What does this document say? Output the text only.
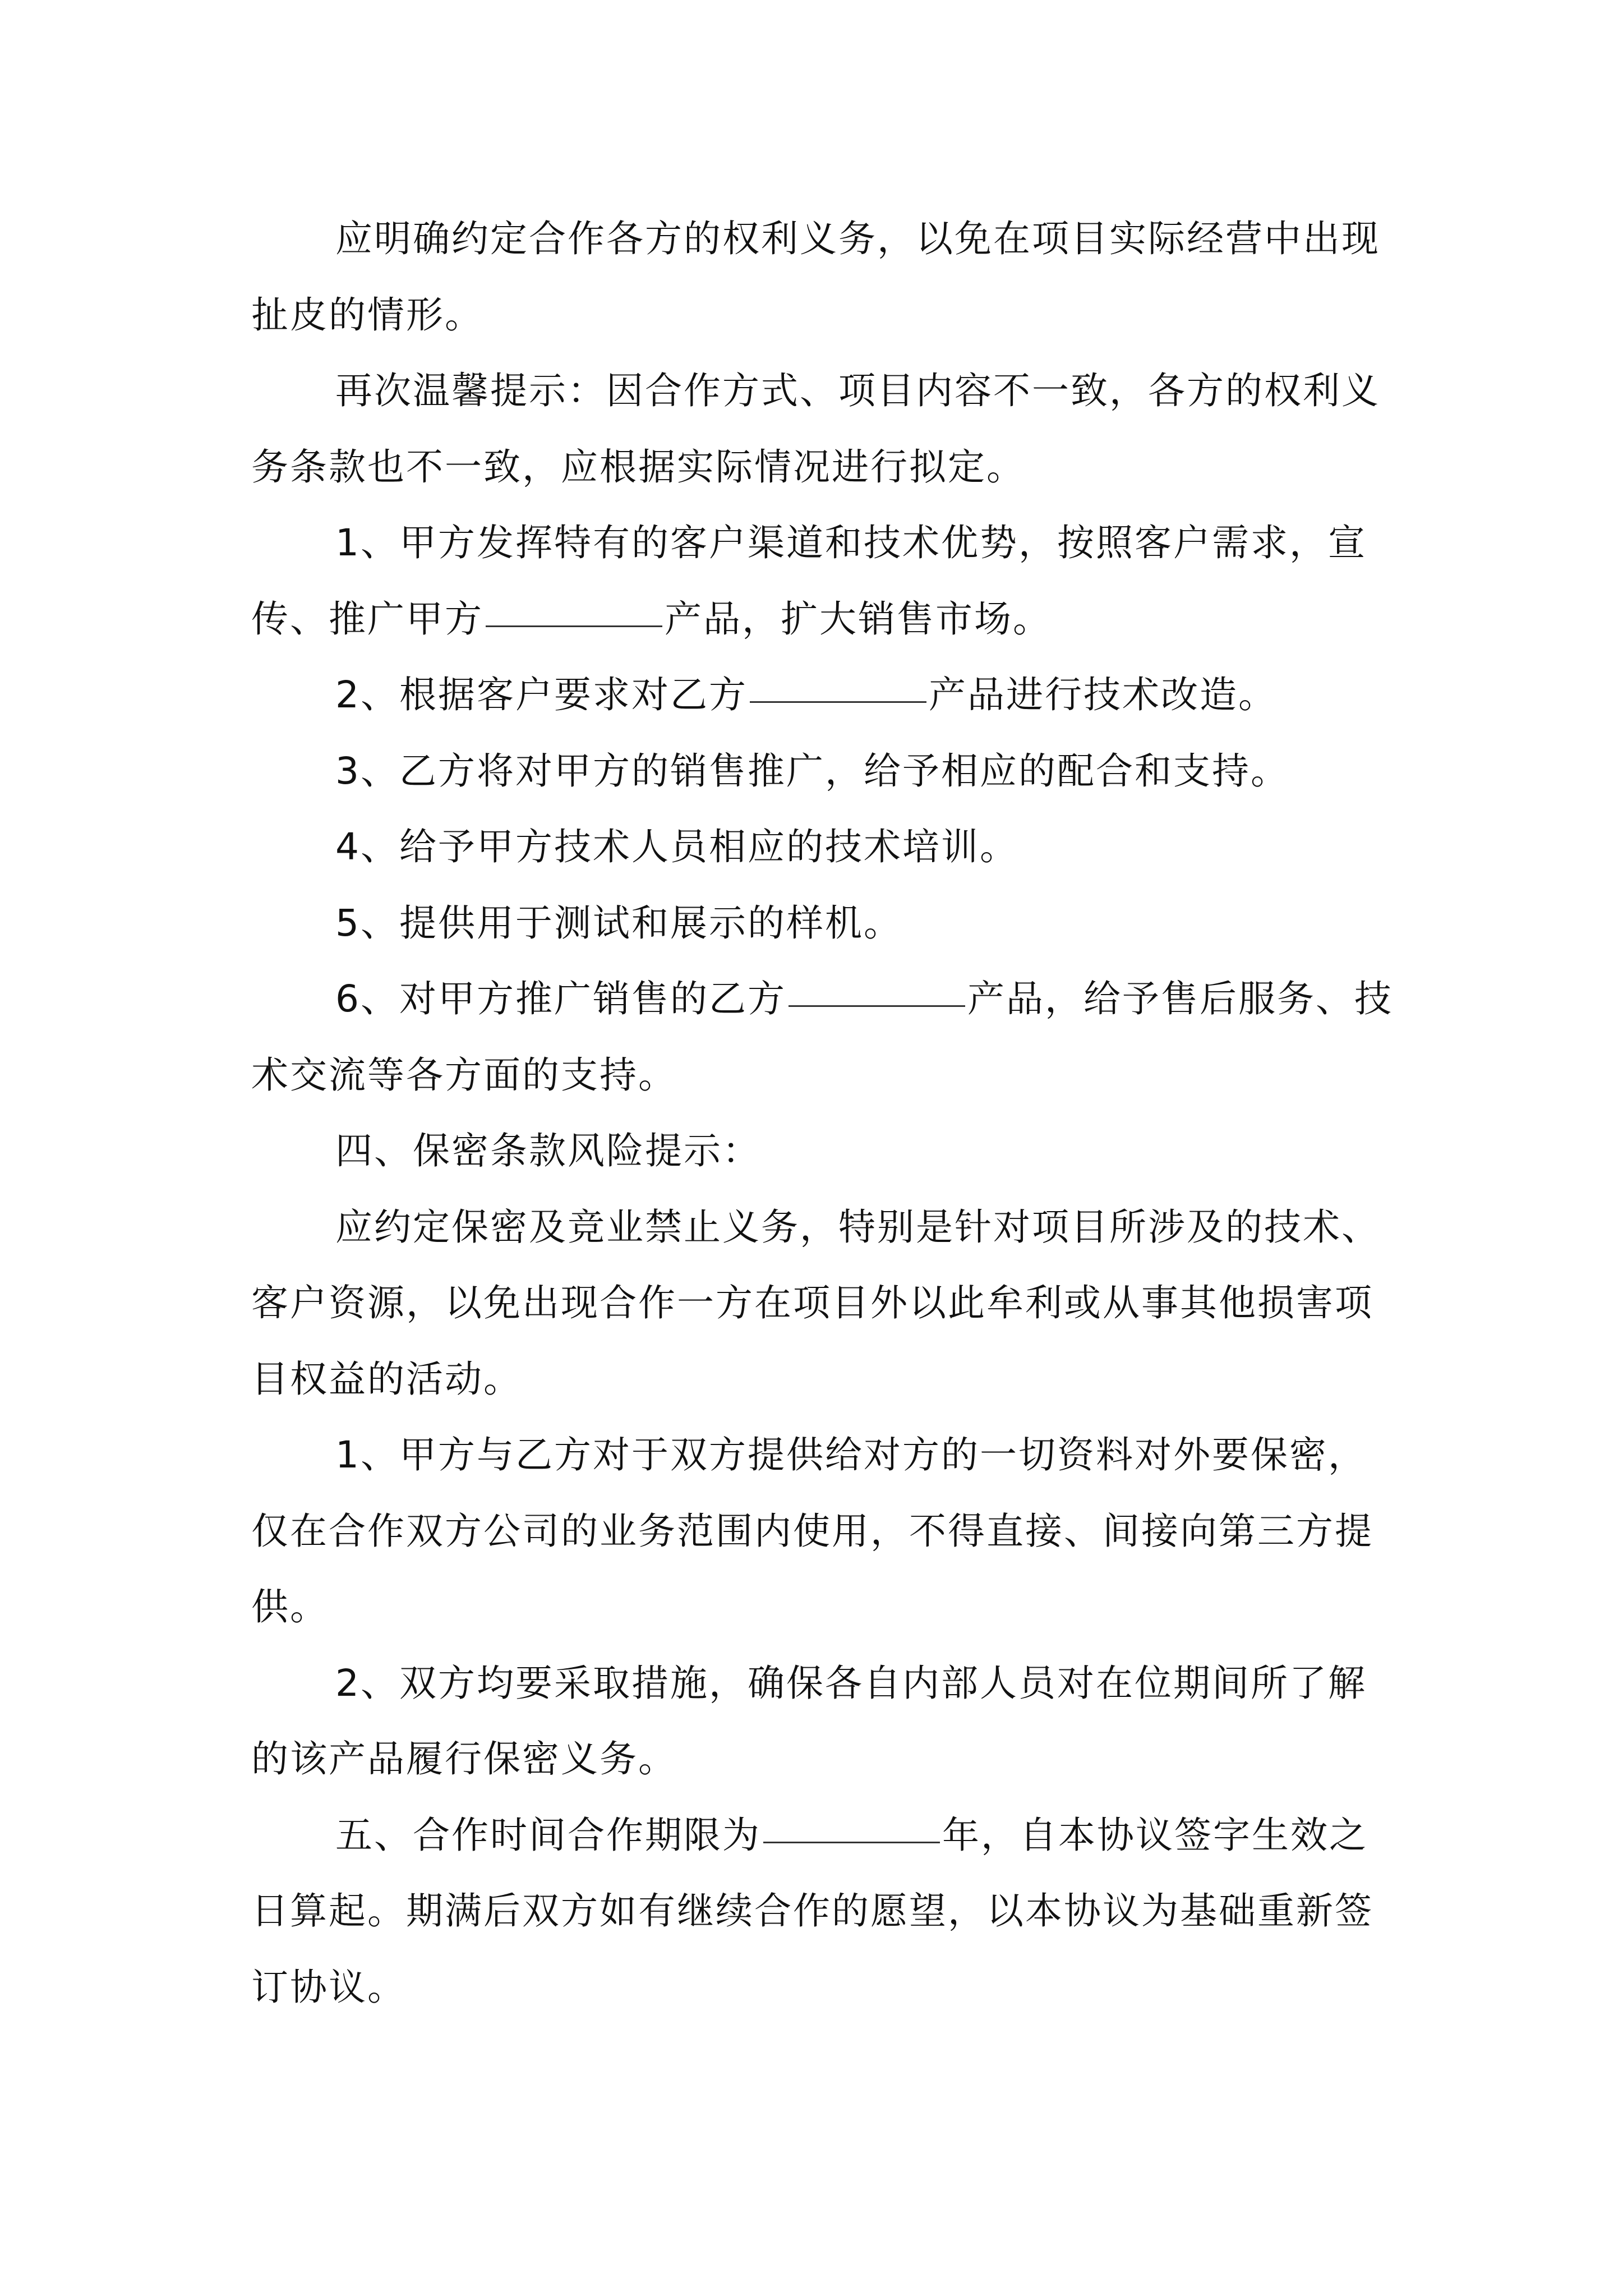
应明确约定合作各方的权利义务，以免在项目实际经营中出现扯皮的情形。

再次温馨提示：因合作方式、项目内容不一致，各方的权利义务条款也不一致，应根据实际情况进行拟定。

1、甲方发挥特有的客户渠道和技术优势，按照客户需求，宣传、推广甲方	产品，扩大销售市场。

2、根据客户要求对乙方	产品进行技术改造。

3、乙方将对甲方的销售推广，给予相应的配合和支持。

4、给予甲方技术人员相应的技术培训。

5、提供用于测试和展示的样机。

6、对甲方推广销售的乙方	产品，给予售后服务、技术交流等各方面的支持。

四、保密条款风险提示：

应约定保密及竞业禁止义务，特别是针对项目所涉及的技术、客户资源，以免出现合作一方在项目外以此牟利或从事其他损害项目权益的活动。

1、甲方与乙方对于双方提供给对方的一切资料对外要保密，仅在合作双方公司的业务范围内使用，不得直接、间接向第三方提供。

2、双方均要采取措施，确保各自内部人员对在位期间所了解的该产品履行保密义务。

五、合作时间合作期限为	年，自本协议签字生效之日算起。期满后双方如有继续合作的愿望，以本协议为基础重新签订协议。
